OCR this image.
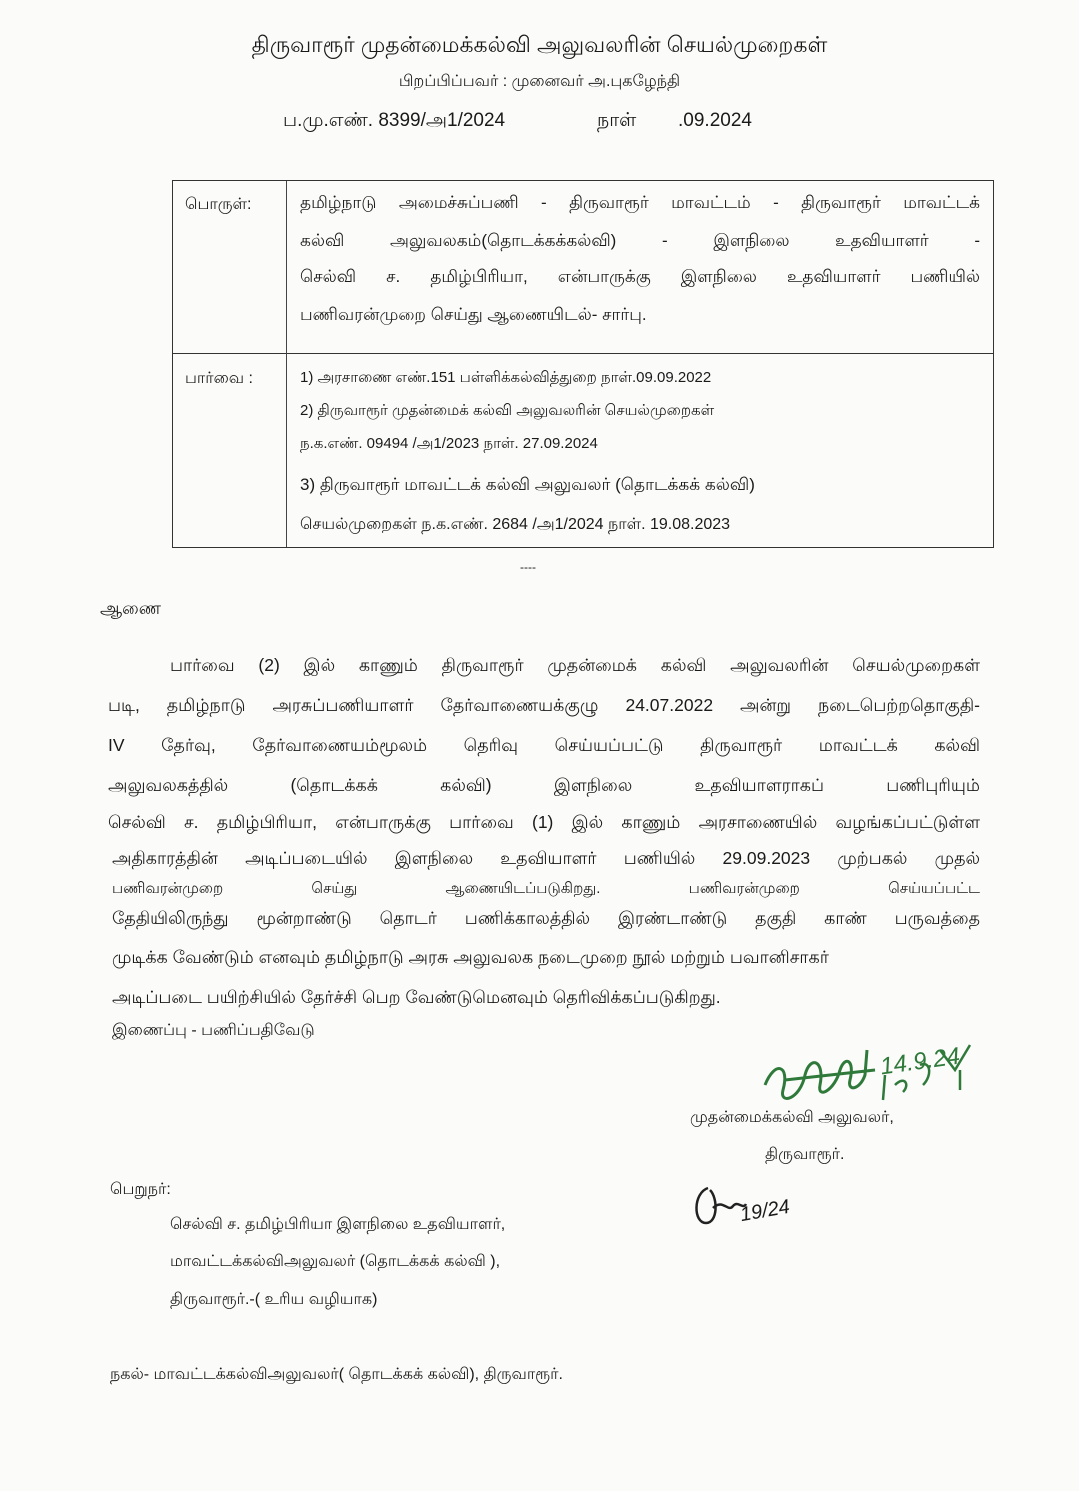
திருவாரூர் முதன்மைக்கல்வி அலுவலரின் செயல்முறைகள்
பிறப்பிப்பவர் : முனைவர் அ.புகழேந்தி
ப.மு.எண். 8399/அ1/2024	நாள் .09.2024
பொருள்:	தமிழ்நாடு அமைச்சுப்பணி - திருவாரூர் மாவட்டம் - திருவாரூர் மாவட்டக்
கல்வி அலுவலகம்(தொடக்கக்கல்வி) - இளநிலை உதவியாளர் -
செல்வி ச. தமிழ்பிரியா, என்பாருக்கு இளநிலை உதவியாளர் பணியில்
பணிவரன்முறை செய்து ஆணையிடல்- சார்பு.
பார்வை :	1) அரசாணை எண்.151 பள்ளிக்கல்வித்துறை நாள்.09.09.2022
2) திருவாரூர் முதன்மைக் கல்வி அலுவலரின் செயல்முறைகள்
ந.க.எண். 09494 /அ1/2023 நாள். 27.09.2024
3) திருவாரூர் மாவட்டக் கல்வி அலுவலர் (தொடக்கக் கல்வி)
செயல்முறைகள் ந.க.எண். 2684 /அ1/2024 நாள். 19.08.2023
----
ஆணை
பார்வை (2) இல் காணும் திருவாரூர் முதன்மைக் கல்வி அலுவலரின் செயல்முறைகள்
படி, தமிழ்நாடு அரசுப்பணியாளர் தேர்வாணையக்குழு 24.07.2022 அன்று நடைபெற்றதொகுதி-
IV தேர்வு, தேர்வாணையம்மூலம் தெரிவு செய்யப்பட்டு திருவாரூர் மாவட்டக் கல்வி
அலுவலகத்தில் (தொடக்கக் கல்வி) இளநிலை உதவியாளராகப் பணிபுரியும்
செல்வி ச. தமிழ்பிரியா, என்பாருக்கு பார்வை (1) இல் காணும் அரசாணையில் வழங்கப்பட்டுள்ள
அதிகாரத்தின் அடிப்படையில் இளநிலை உதவியாளர் பணியில் 29.09.2023 முற்பகல் முதல்
பணிவரன்முறை செய்து ஆணையிடப்படுகிறது. பணிவரன்முறை செய்யப்பட்ட
தேதியிலிருந்து மூன்றாண்டு தொடர் பணிக்காலத்தில் இரண்டாண்டு தகுதி காண் பருவத்தை
முடிக்க வேண்டும் எனவும் தமிழ்நாடு அரசு அலுவலக நடைமுறை நூல் மற்றும் பவானிசாகர்
அடிப்படை பயிற்சியில் தேர்ச்சி பெற வேண்டுமெனவும் தெரிவிக்கப்படுகிறது.
இணைப்பு - பணிப்பதிவேடு
14.9.24
முதன்மைக்கல்வி அலுவலர்,
திருவாரூர்.
19/24
பெறுநர்:
செல்வி ச. தமிழ்பிரியா இளநிலை உதவியாளர்,
மாவட்டக்கல்விஅலுவலர் (தொடக்கக் கல்வி ),
திருவாரூர்.-( உரிய வழியாக)
நகல்- மாவட்டக்கல்விஅலுவலர்( தொடக்கக் கல்வி), திருவாரூர்.
